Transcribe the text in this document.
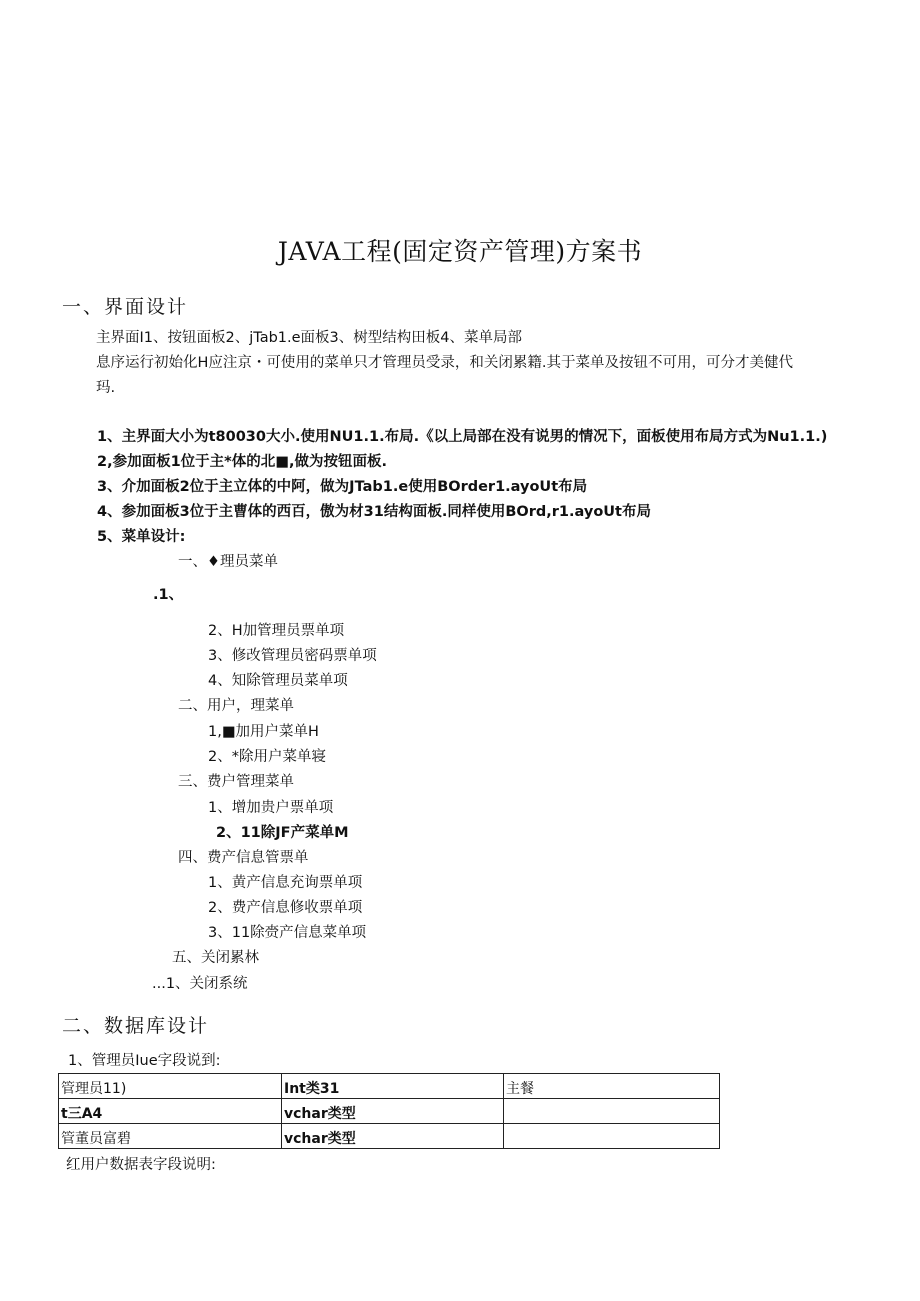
JAVA工程(固定资产管理)方案书
一、界面设计
主界面I1、按钮面板2、jTab1.e面板3、树型结构田板4、菜单局部
息序运行初始化H应注京・可使用的菜单只才管理员受录，和关闭累籍.其于菜单及按钮不可用，可分才美健代
玛.
1、主界面大小为t80030大小.使用NU1.1.布局.《以上局部在没有说男的情况下，面板使用布局方式为Nu1.1.)
2,参加面板1位于主*体的北■,做为按钮面板.
3、介加面板2位于主立体的中阿，做为JTab1.e使用BOrder1.ayoUt布局
4、参加面板3位于主曹体的西百，傲为材31结构面板.同样使用BOrd,r1.ayoUt布局
5、菜单设计:
一、♦理员菜单
.1、
2、H加管理员票单项
3、修改管理员密码票单项
4、知除管理员菜单项
二、用户，理菜单
1,■加用户菜单H
2、*除用户菜单寝
三、费户管理菜单
1、增加贵户票单项
2、11除JF产菜单M
四、费产信息管票单
1、黄产信息充询票单项
2、费产信息修收票单项
3、11除赍产信息菜单项
五、关闭累林
...1、关闭系统
二、数据库设计
1、管理员Iue字段说到:
管理员11)	Int类31	主餐
t三A4	vchar类型	
管董员富碧	vchar类型	
红用户数据表字段说明:
